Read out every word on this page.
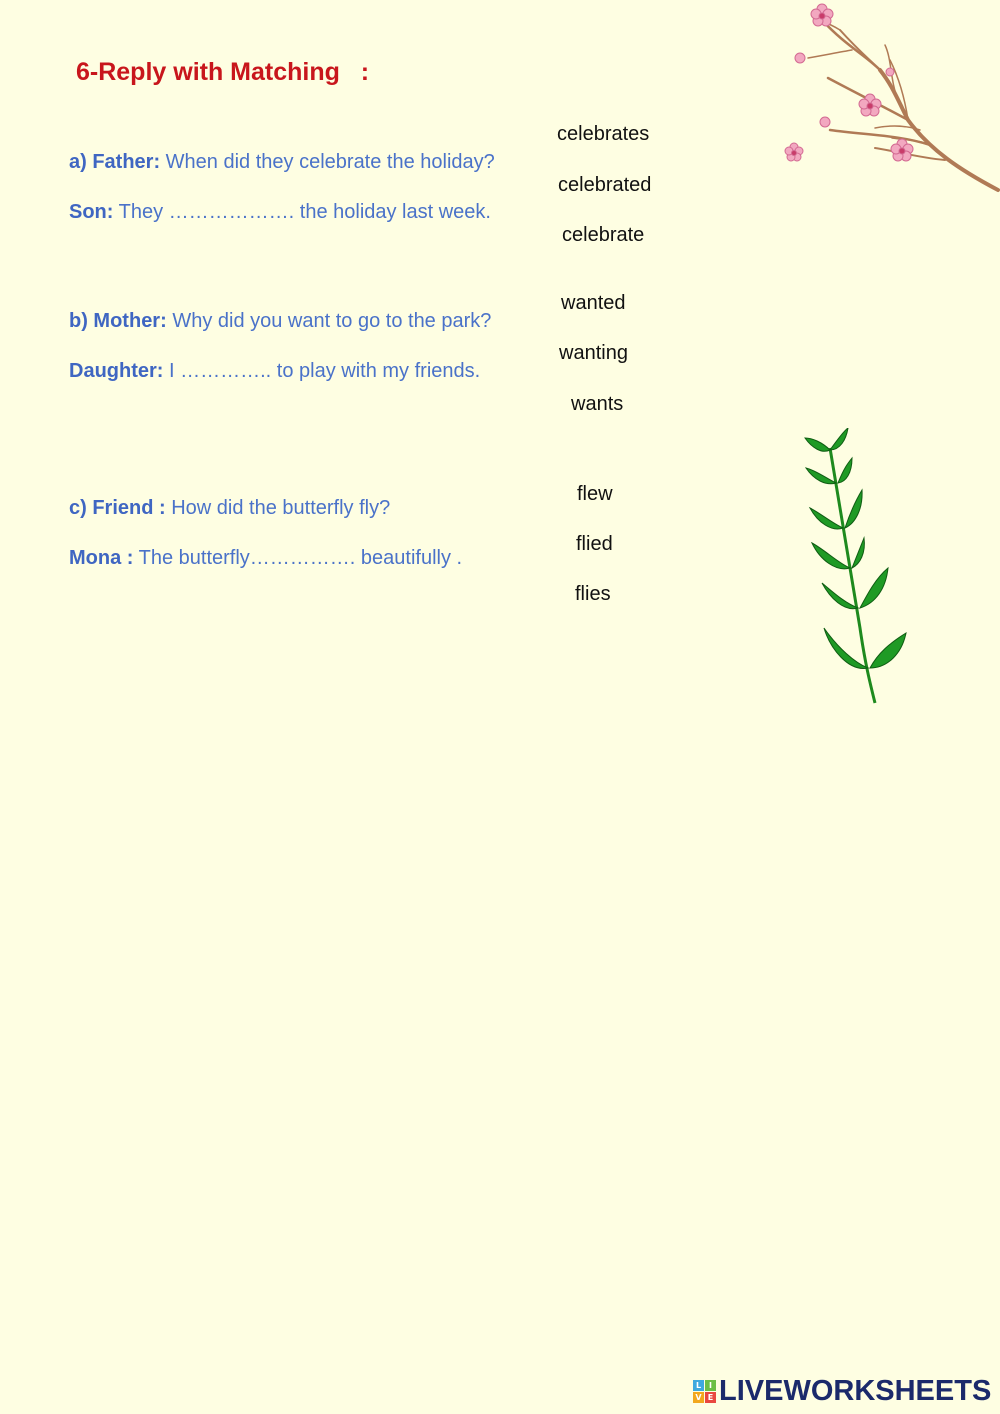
6-Reply with Matching   :
a) Father: When did they celebrate the holiday?
Son: They ………………. the holiday last week.
celebrates
celebrated
celebrate
b) Mother: Why did you want to go to the park?
Daughter: I ………….. to play with my friends.
wanted
wanting
wants
c) Friend : How did the butterfly fly?
Mona : The butterfly……………. beautifully .
flew
flied
flies
L I
V E LIVEWORKSHEETS
